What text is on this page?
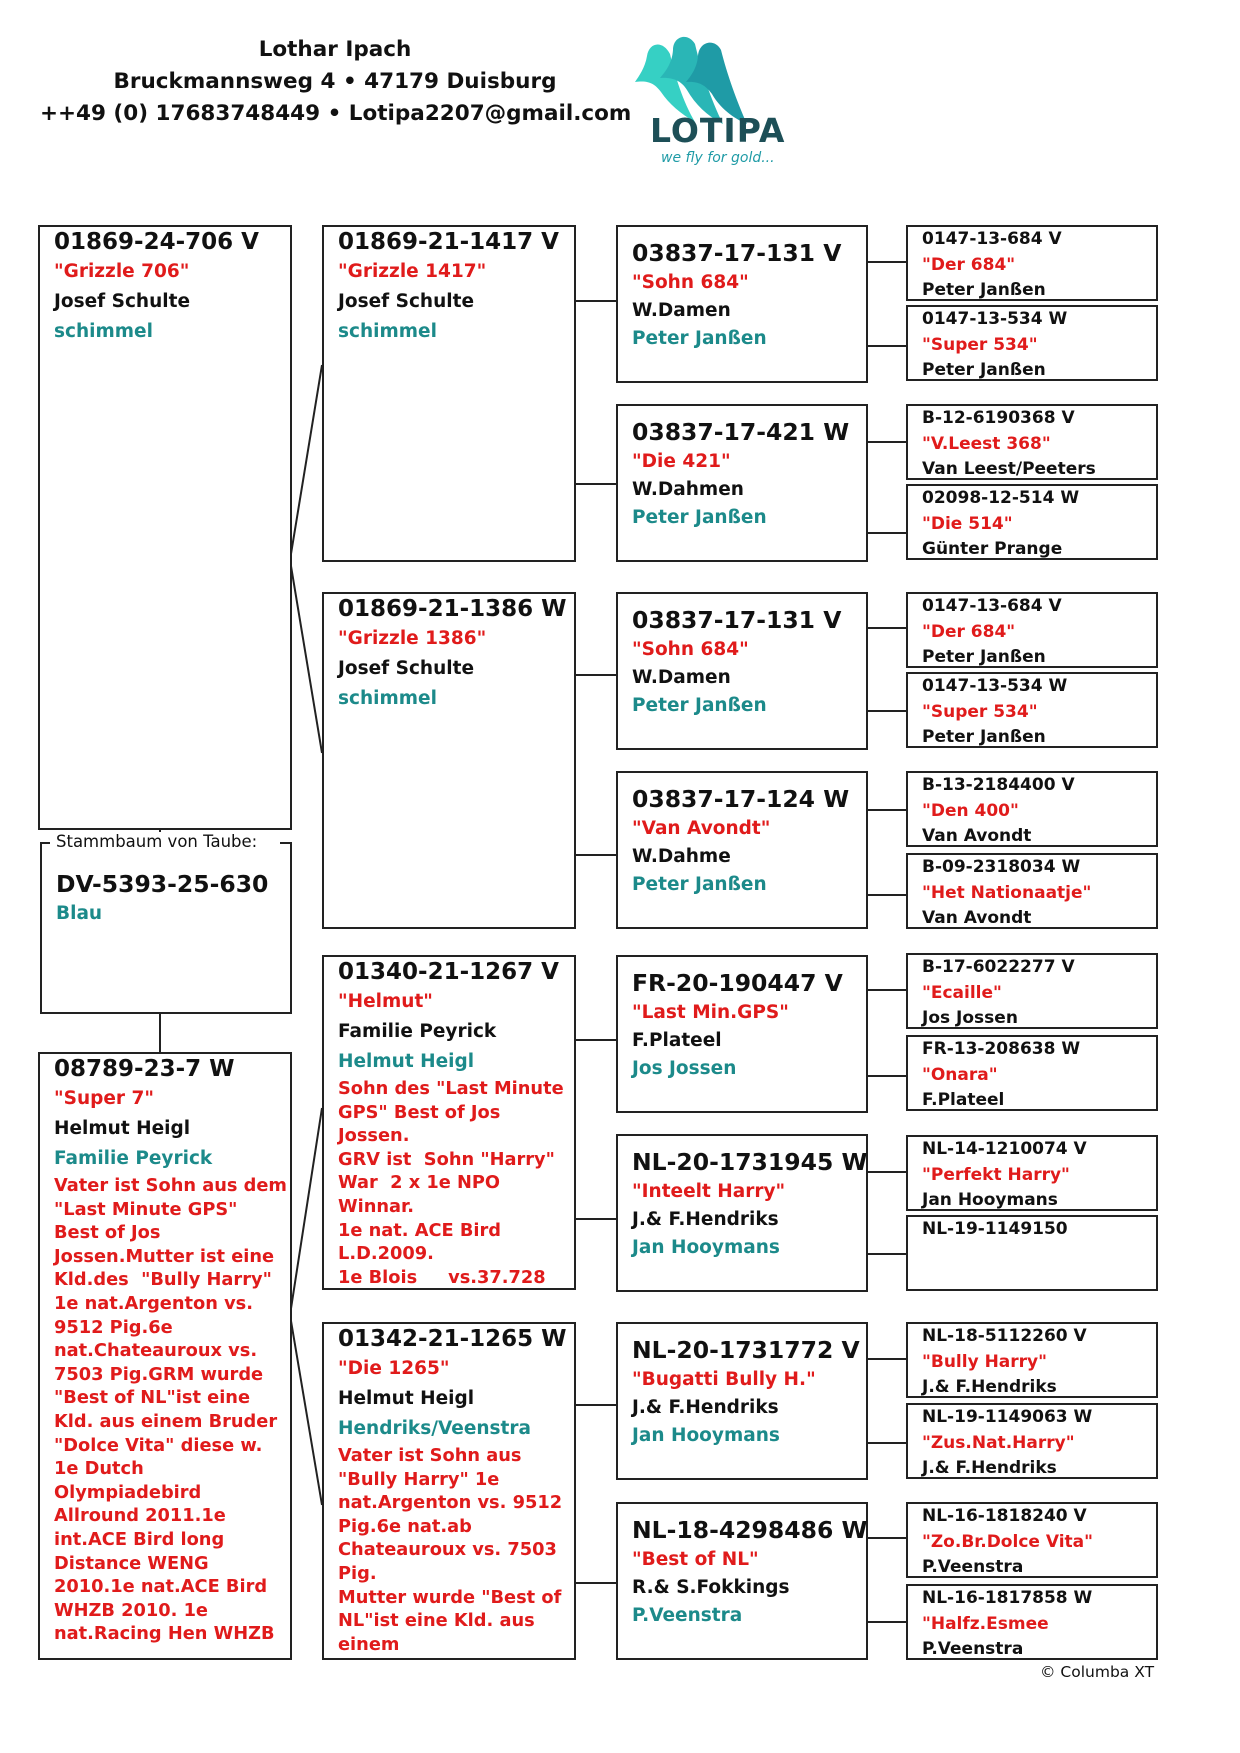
Lothar Ipach
Bruckmannsweg 4 • 47179 Duisburg
++49 (0) 17683748449 • Lotipa2207@gmail.com LOTIPA
we fly for gold...
01869-24-706 V
"Grizzle 706"
Josef Schulte
schimmel
DV-5393-25-630
Blau
Stammbaum von Taube:
08789-23-7 W
"Super 7"
Helmut Heigl
Familie Peyrick
Vater ist Sohn aus dem "Last Minute GPS" Best of Jos Jossen.Mutter ist eine Kld.des  "Bully Harry" 1e nat.Argenton vs. 9512 Pig.6e nat.Chateauroux vs. 7503 Pig.GRM wurde "Best of NL"ist eine Kld. aus einem Bruder "Dolce Vita" diese w. 1e Dutch Olympiadebird Allround 2011.1e int.ACE Bird long Distance WENG 2010.1e nat.ACE Bird WHZB 2010. 1e nat.Racing Hen WHZB
01869-21-1417 V
"Grizzle 1417"
Josef Schulte
schimmel
01869-21-1386 W
"Grizzle 1386"
Josef Schulte
schimmel
01340-21-1267 V
"Helmut"
Familie Peyrick
Helmut Heigl
Sohn des "Last Minute GPS" Best of Jos Jossen.
GRV ist  Sohn "Harry" War  2 x 1e NPO Winnar.
1e nat. ACE Bird L.D.2009.
1e Blois     vs.37.728
01342-21-1265 W
"Die 1265"
Helmut Heigl
Hendriks/Veenstra
Vater ist Sohn aus "Bully Harry" 1e nat.Argenton vs. 9512 Pig.6e nat.ab Chateauroux vs. 7503 Pig.
Mutter wurde "Best of NL"ist eine Kld. aus einem
03837-17-131 V
"Sohn 684"
W.Damen
Peter Janßen
03837-17-421 W
"Die 421"
W.Dahmen
Peter Janßen
03837-17-131 V
"Sohn 684"
W.Damen
Peter Janßen
03837-17-124 W
"Van Avondt"
W.Dahme
Peter Janßen
FR-20-190447 V
"Last Min.GPS"
F.Plateel
Jos Jossen
NL-20-1731945 W
"Inteelt Harry"
J.& F.Hendriks
Jan Hooymans
NL-20-1731772 V
"Bugatti Bully H."
J.& F.Hendriks
Jan Hooymans
NL-18-4298486 W
"Best of NL"
R.& S.Fokkings
P.Veenstra
0147-13-684 V
"Der 684"
Peter Janßen
0147-13-534 W
"Super 534"
Peter Janßen
B-12-6190368 V
"V.Leest 368"
Van Leest/Peeters
02098-12-514 W
"Die 514"
Günter Prange
0147-13-684 V
"Der 684"
Peter Janßen
0147-13-534 W
"Super 534"
Peter Janßen
B-13-2184400 V
"Den 400"
Van Avondt
B-09-2318034 W
"Het Nationaatje"
Van Avondt
B-17-6022277 V
"Ecaille"
Jos Jossen
FR-13-208638 W
"Onara"
F.Plateel
NL-14-1210074 V
"Perfekt Harry"
Jan Hooymans
NL-19-1149150
NL-18-5112260 V
"Bully Harry"
J.& F.Hendriks
NL-19-1149063 W
"Zus.Nat.Harry"
J.& F.Hendriks
NL-16-1818240 V
"Zo.Br.Dolce Vita"
P.Veenstra
NL-16-1817858 W
"Halfz.Esmee
P.Veenstra
© Columba XT
